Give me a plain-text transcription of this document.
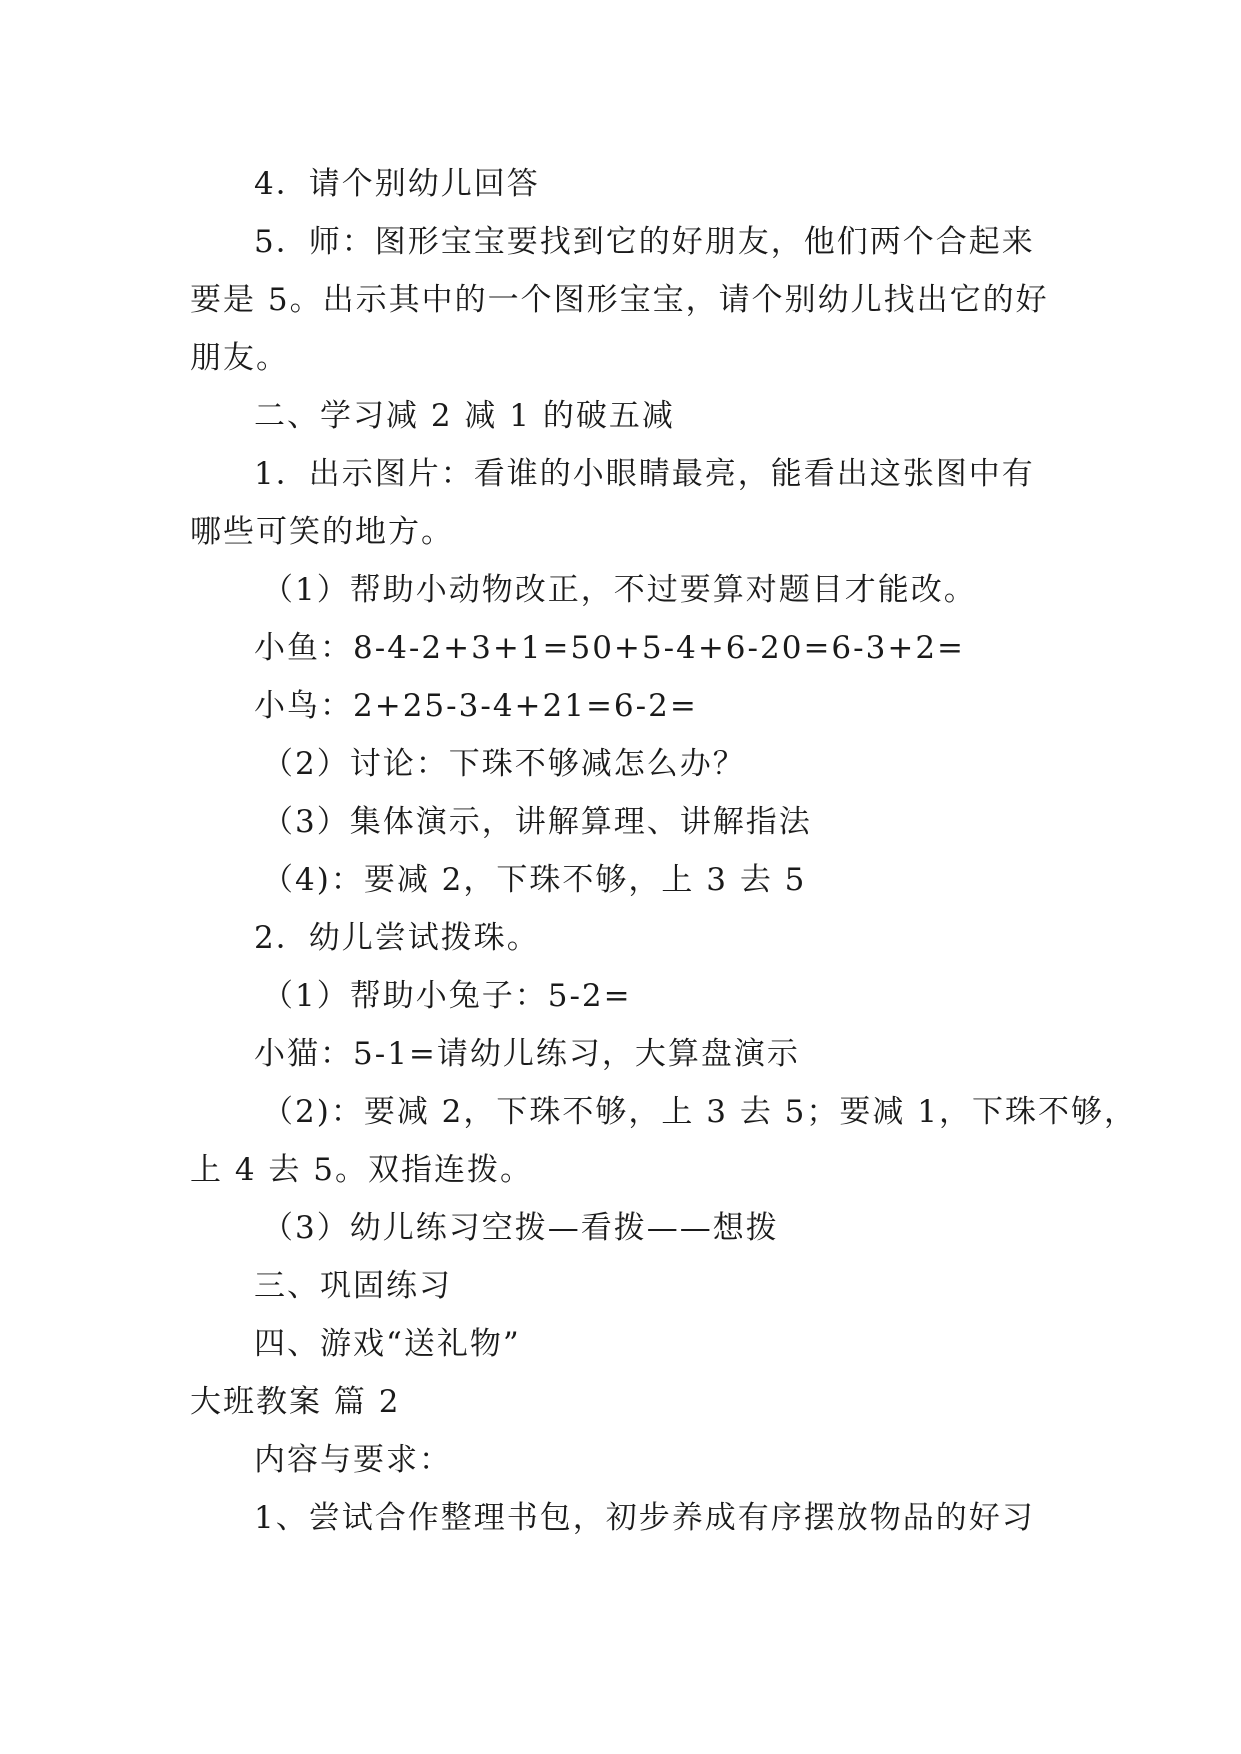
4．请个别幼儿回答
5．师：图形宝宝要找到它的好朋友，他们两个合起来
要是 5。出示其中的一个图形宝宝，请个别幼儿找出它的好
朋友。
二、学习减 2 减 1 的破五减
1．出示图片：看谁的小眼睛最亮，能看出这张图中有
哪些可笑的地方。
（1）帮助小动物改正，不过要算对题目才能改。
小鱼：8-4-2+3+1=50+5-4+6-20=6-3+2=
小鸟：2+25-3-4+21=6-2=
（2）讨论：下珠不够减怎么办？
（3）集体演示，讲解算理、讲解指法
（4)：要减 2，下珠不够，上 3 去 5
2．幼儿尝试拨珠。
（1）帮助小兔子：5-2=
小猫：5-1=请幼儿练习，大算盘演示
（2)：要减 2，下珠不够，上 3 去 5；要减 1，下珠不够，
上 4 去 5。双指连拨。
（3）幼儿练习空拨—看拨——想拨
三、巩固练习
四、游戏“送礼物”
大班教案 篇 2
内容与要求：
1、尝试合作整理书包，初步养成有序摆放物品的好习
